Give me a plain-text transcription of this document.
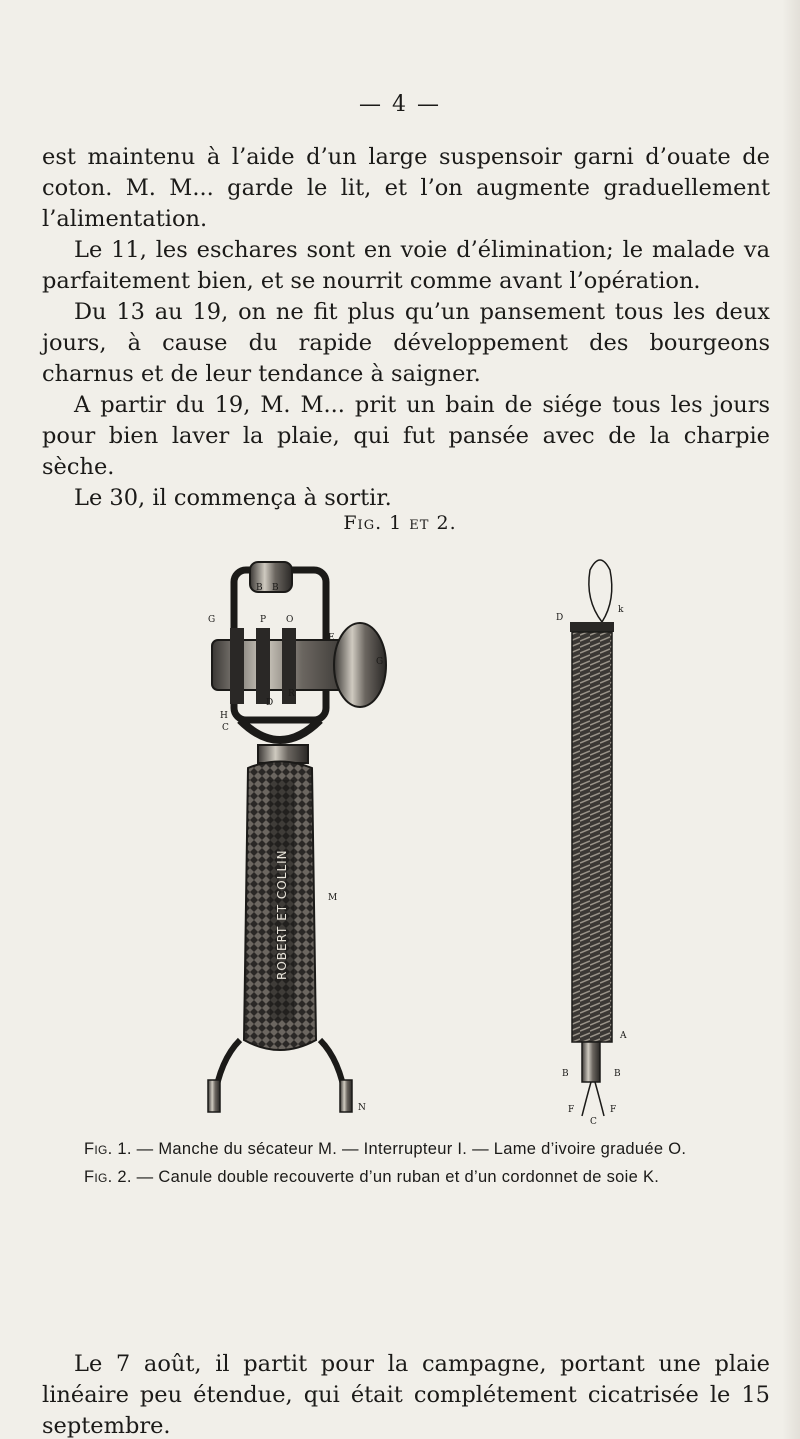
— 4 —

est maintenu à l’aide d’un large suspensoir garni d’ouate de coton. M. M... garde le lit, et l’on augmente graduellement l’alimentation.

Le 11, les eschares sont en voie d’élimination; le malade va parfaitement bien, et se nourrit comme avant l’opération.

Du 13 au 19, on ne fit plus qu’un pansement tous les deux jours, à cause du rapide développement des bourgeons charnus et de leur tendance à saigner.

A partir du 19, M. M... prit un bain de siége tous les jours pour bien laver la plaie, qui fut pansée avec de la charpie sèche.

Le 30, il commença à sortir.

Fig. 1 et 2.
ROBERT ET COLLIN
B B
G
H
C
P O
D
R
E
G
M
N
D
k
A
B	B
F
C
F
Fig. 1. — Manche du sécateur M. — Interrupteur I. — Lame d’ivoire graduée O.
Fig. 2. — Canule double recouverte d’un ruban et d’un cordonnet de soie K.

Le 7 août, il partit pour la campagne, portant une plaie linéaire peu étendue, qui était complétement cicatrisée le 15 septembre.
